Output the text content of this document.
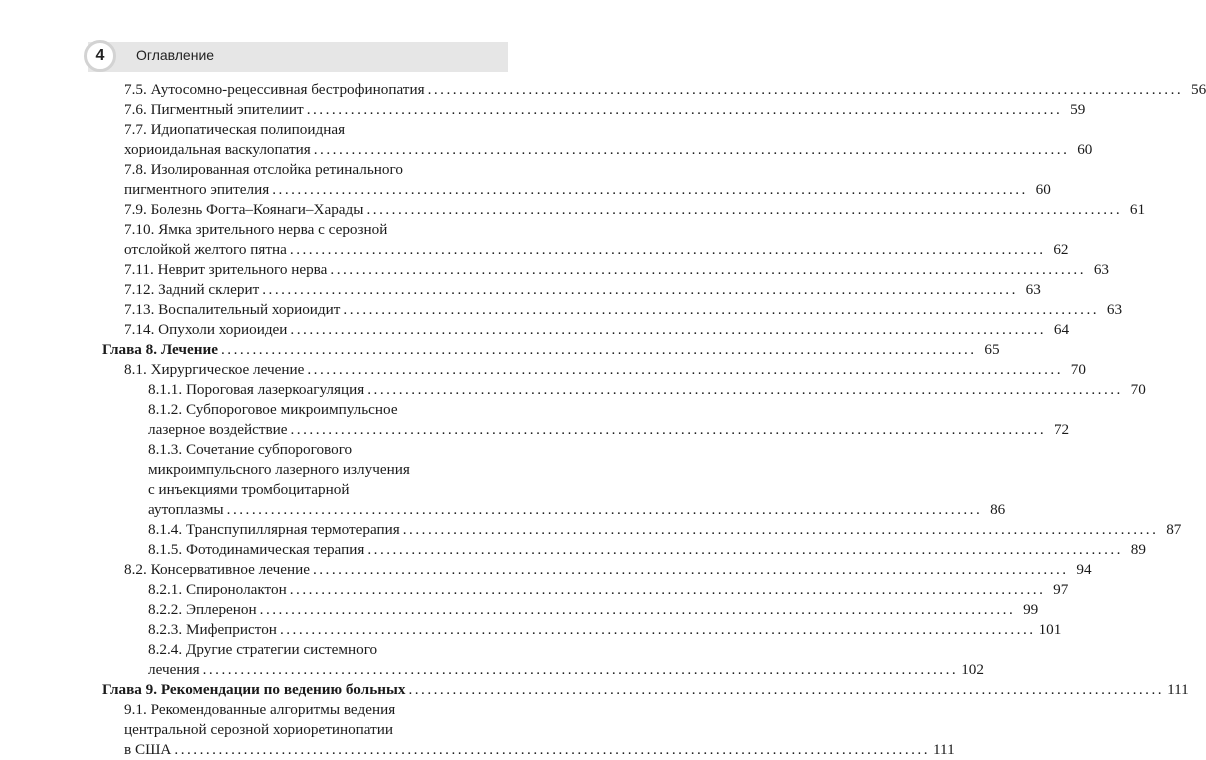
4 Оглавление
7.5. Аутосомно-рецессивная бестрофинопатия ........................................................................................................................ 56
7.6. Пигментный эпителиит ........................................................................................................................ 59
7.7. Идиопатическая полипоидная
хориоидальная васкулопатия ........................................................................................................................ 60
7.8. Изолированная отслойка ретинального
пигментного эпителия ........................................................................................................................ 60
7.9. Болезнь Фогта–Коянаги–Харады ........................................................................................................................ 61
7.10. Ямка зрительного нерва с серозной
отслойкой желтого пятна ........................................................................................................................ 62
7.11. Неврит зрительного нерва ........................................................................................................................ 63
7.12. Задний склерит ........................................................................................................................ 63
7.13. Воспалительный хориоидит ........................................................................................................................ 63
7.14. Опухоли хориоидеи ........................................................................................................................ 64
Глава 8. Лечение ........................................................................................................................ 65
8.1. Хирургическое лечение ........................................................................................................................ 70
8.1.1. Пороговая лазеркоагуляция ........................................................................................................................ 70
8.1.2. Субпороговое микроимпульсное
лазерное воздействие ........................................................................................................................ 72
8.1.3. Сочетание субпорогового
микроимпульсного лазерного излучения
с инъекциями тромбоцитарной
аутоплазмы ........................................................................................................................ 86
8.1.4. Транспупиллярная термотерапия ........................................................................................................................ 87
8.1.5. Фотодинамическая терапия ........................................................................................................................ 89
8.2. Консервативное лечение ........................................................................................................................ 94
8.2.1. Спиронолактон ........................................................................................................................ 97
8.2.2. Эплеренон ........................................................................................................................ 99
8.2.3. Мифепристон ........................................................................................................................ 101
8.2.4. Другие стратегии системного
лечения ........................................................................................................................ 102
Глава 9. Рекомендации по ведению больных ........................................................................................................................ 111
9.1. Рекомендованные алгоритмы ведения
центральной серозной хориоретинопатии
в США ........................................................................................................................ 111
